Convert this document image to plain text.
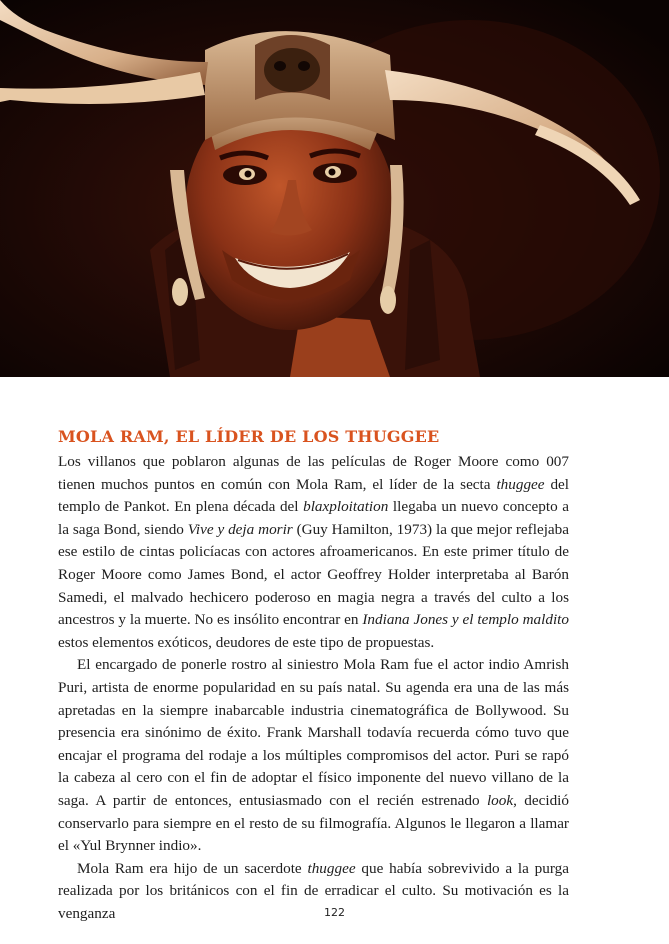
MOLA RAM, EL LÍDER DE LOS THUGGEE

Los villanos que poblaron algunas de las películas de Roger Moore como 007 tienen muchos puntos en común con Mola Ram, el líder de la secta thuggee del templo de Pankot. En plena década del blaxploitation llegaba un nuevo concepto a la saga Bond, siendo Vive y deja morir (Guy Hamilton, 1973) la que mejor reflejaba ese estilo de cintas policíacas con actores afroamericanos. En este primer título de Roger Moore como James Bond, el actor Geoffrey Holder interpretaba al Barón Samedi, el malvado hechicero poderoso en magia negra a través del culto a los ancestros y la muerte. No es insólito encontrar en Indiana Jones y el templo maldito estos elementos exóticos, deudores de este tipo de propuestas.

El encargado de ponerle rostro al siniestro Mola Ram fue el actor indio Amrish Puri, artista de enorme popularidad en su país natal. Su agenda era una de las más apretadas en la siempre inabarcable industria cinematográfica de Bollywood. Su presencia era sinónimo de éxito. Frank Marshall todavía recuerda cómo tuvo que encajar el programa del rodaje a los múltiples compromisos del actor. Puri se rapó la cabeza al cero con el fin de adoptar el físico imponente del nuevo villano de la saga. A partir de entonces, entusiasmado con el recién estrenado look, decidió conservarlo para siempre en el resto de su filmografía. Algunos le llegaron a llamar el «Yul Brynner indio».

Mola Ram era hijo de un sacerdote thuggee que había sobrevivido a la purga realizada por los británicos con el fin de erradicar el culto. Su motivación es la venganza	122
